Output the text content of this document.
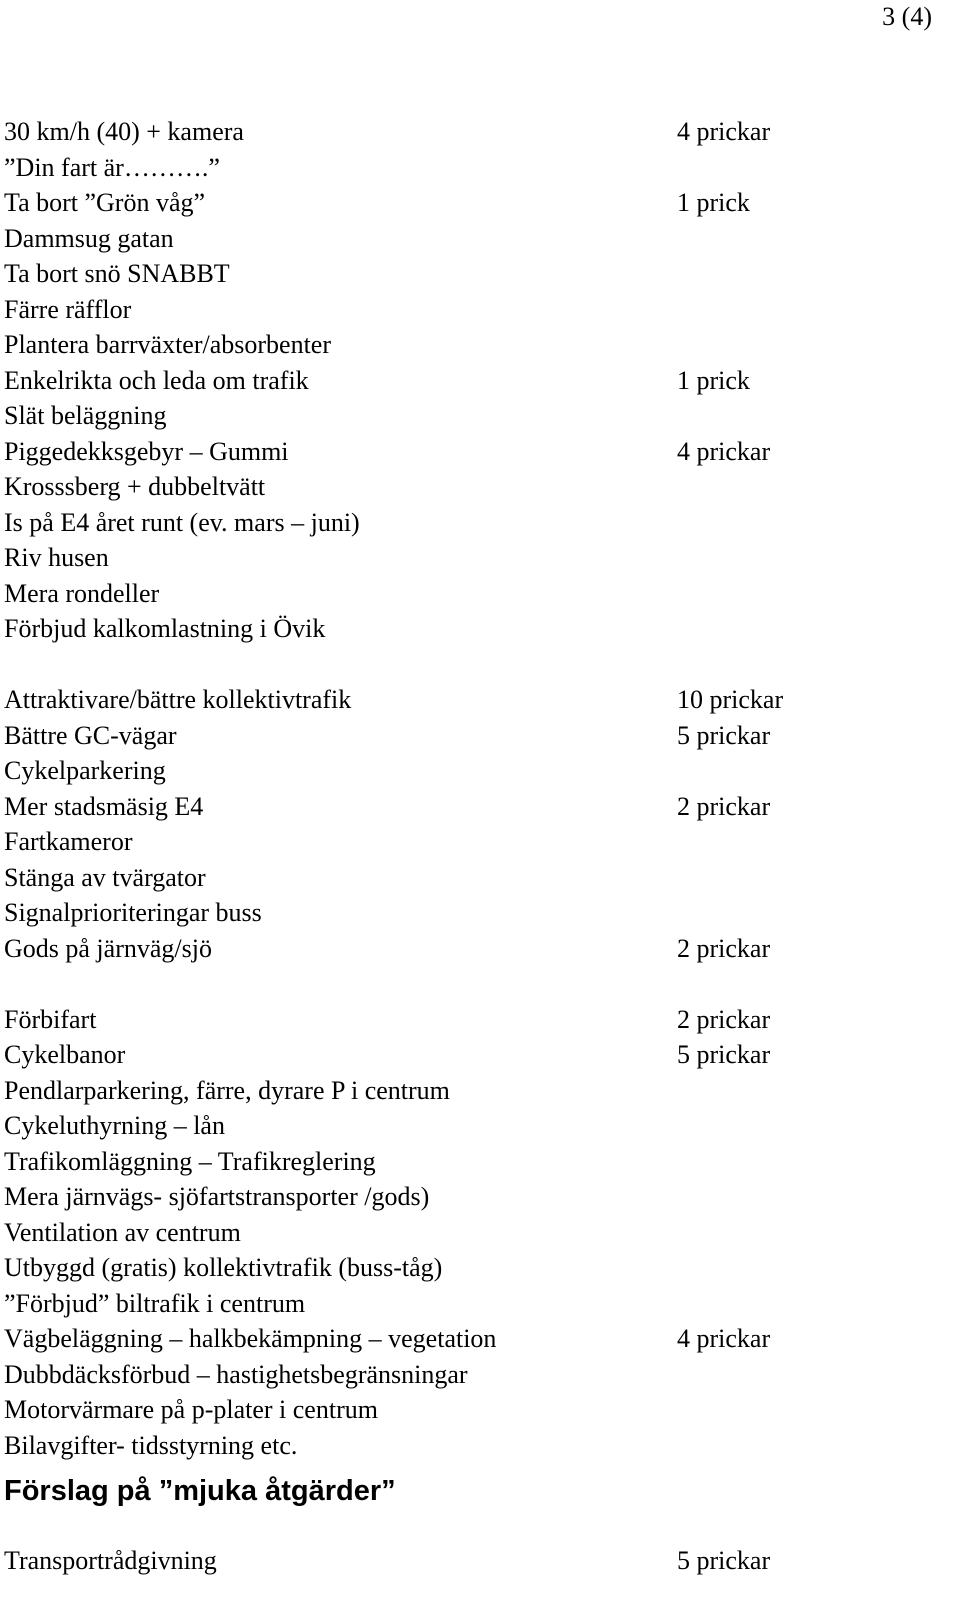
3 (4)
30 km/h (40) + kamera	4 prickar
”Din fart är……….”
Ta bort ”Grön våg”	1 prick
Dammsug gatan
Ta bort snö SNABBT
Färre räfflor
Plantera barrväxter/absorbenter
Enkelrikta och leda om trafik	1 prick
Slät beläggning
Piggedekksgebyr – Gummi	4 prickar
Krosssberg + dubbeltvätt
Is på E4 året runt (ev. mars – juni)
Riv husen
Mera rondeller
Förbjud kalkomlastning i Övik
Attraktivare/bättre kollektivtrafik	10 prickar
Bättre GC-vägar	5 prickar
Cykelparkering
Mer stadsmäsig E4	2 prickar
Fartkameror
Stänga av tvärgator
Signalprioriteringar buss
Gods på järnväg/sjö	2 prickar
Förbifart	2 prickar
Cykelbanor	5 prickar
Pendlarparkering, färre, dyrare P i centrum
Cykeluthyrning – lån
Trafikomläggning – Trafikreglering
Mera järnvägs- sjöfartstransporter /gods)
Ventilation av centrum
Utbyggd (gratis) kollektivtrafik (buss-tåg)
”Förbjud” biltrafik i centrum
Vägbeläggning – halkbekämpning – vegetation	4 prickar
Dubbdäcksförbud – hastighetsbegränsningar
Motorvärmare på p-plater i centrum
Bilavgifter- tidsstyrning etc.
Förslag på ”mjuka åtgärder”
Transportrådgivning	5 prickar
